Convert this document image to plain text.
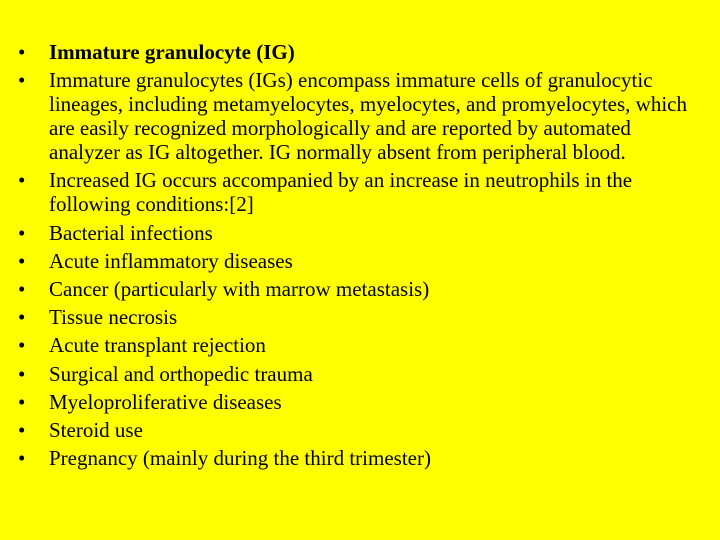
• Immature granulocyte (IG)
• Immature granulocytes (IGs) encompass immature cells of granulocytic lineages, including metamyelocytes, myelocytes, and promyelocytes, which are easily recognized morphologically and are reported by automated analyzer as IG altogether. IG normally absent from peripheral blood.
• Increased IG occurs accompanied by an increase in neutrophils in the following conditions:[2]
• Bacterial infections
• Acute inflammatory diseases
• Cancer (particularly with marrow metastasis)
• Tissue necrosis
• Acute transplant rejection
• Surgical and orthopedic trauma
• Myeloproliferative diseases
• Steroid use
• Pregnancy (mainly during the third trimester)
